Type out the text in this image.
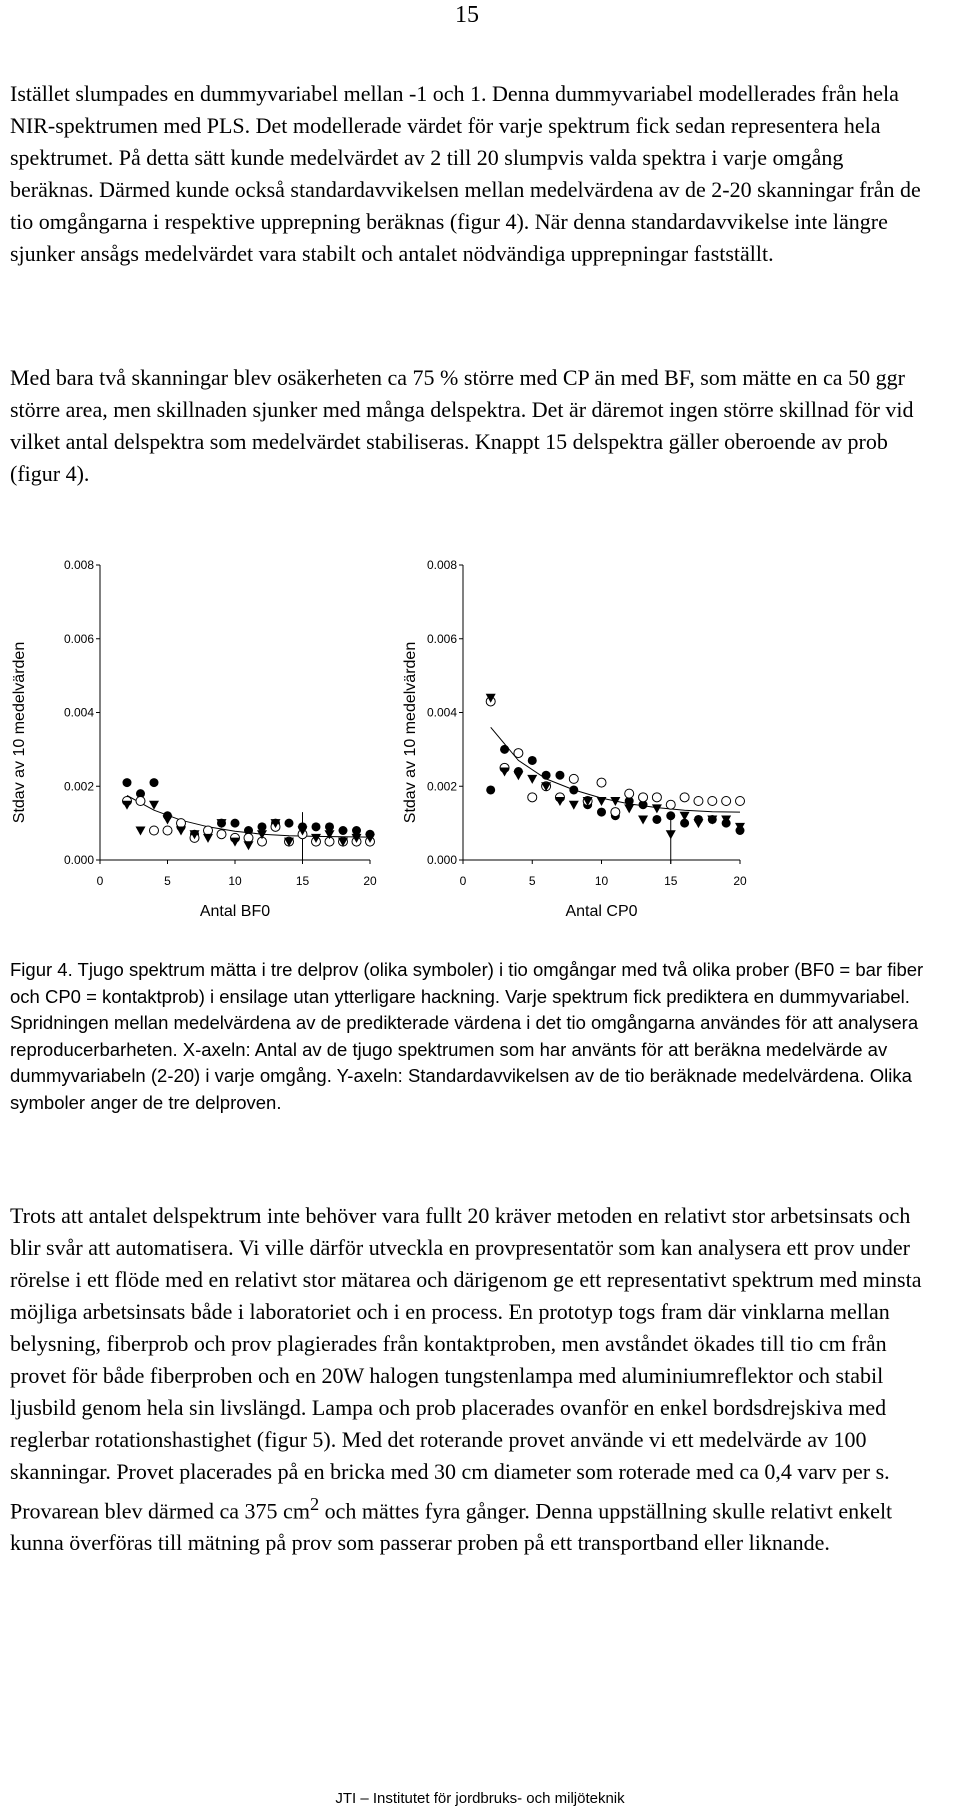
15

Istället slumpades en dummyvariabel mellan -1 och 1. Denna dummyvariabel modellerades från hela NIR-spektrumen med PLS. Det modellerade värdet för varje spektrum fick sedan representera hela spektrumet. På detta sätt kunde medelvärdet av 2 till 20 slumpvis valda spektra i varje omgång beräknas. Därmed kunde också standardavvikelsen mellan medelvärdena av de 2-20 skanningar från de tio omgångarna i respektive upprepning beräknas (figur 4). När denna standardavvikelse inte längre sjunker ansågs medelvärdet vara stabilt och antalet nödvändiga upprepningar fastställt.

Med bara två skanningar blev osäkerheten ca 75 % större med CP än med BF, som mätte en ca 50 ggr större area, men skillnaden sjunker med många delspektra. Det är däremot ingen större skillnad för vid vilket antal delspektra som medelvärdet stabiliseras. Knappt 15 delspektra gäller oberoende av prob (figur 4).

0.000
0.002
0.004
0.006
0.008
0	5	10	15	20
Antal BF0
Stdav av 10 medelvärden
0.000
0.002
0.004
0.006
0.008
0	5	10	15	20
Antal CP0
Stdav av 10 medelvärden

Figur 4. Tjugo spektrum mätta i tre delprov (olika symboler) i tio omgångar med två olika prober (BF0 = bar fiber och CP0 = kontaktprob) i ensilage utan ytterligare hackning. Varje spektrum fick prediktera en dummyvariabel. Spridningen mellan medelvärdena av de predikterade värdena i det tio omgångarna användes för att analysera reproducerbarheten. X-axeln: Antal av de tjugo spektrumen som har använts för att beräkna medelvärde av dummyvariabeln (2-20) i varje omgång. Y-axeln: Standardavvikelsen av de tio beräknade medelvärdena. Olika symboler anger de tre delproven.

Trots att antalet delspektrum inte behöver vara fullt 20 kräver metoden en relativt stor arbetsinsats och blir svår att automatisera. Vi ville därför utveckla en provpresentatör som kan analysera ett prov under rörelse i ett flöde med en relativt stor mätarea och därigenom ge ett representativt spektrum med minsta möjliga arbetsinsats både i laboratoriet och i en process. En prototyp togs fram där vinklarna mellan belysning, fiberprob och prov plagierades från kontaktproben, men avståndet ökades till tio cm från provet för både fiberproben och en 20W halogen tungstenlampa med aluminiumreflektor och stabil ljusbild genom hela sin livslängd. Lampa och prob placerades ovanför en enkel bordsdrejskiva med reglerbar rotationshastighet (figur 5). Med det roterande provet använde vi ett medelvärde av 100 skanningar. Provet placerades på en bricka med 30 cm diameter som roterade med ca 0,4 varv per s. Provarean blev därmed ca 375 $cm^2$ och mättes fyra gånger. Denna uppställning skulle relativt enkelt kunna överföras till mätning på prov som passerar proben på ett transportband eller liknande.

JTI – Institutet för jordbruks- och miljöteknik
